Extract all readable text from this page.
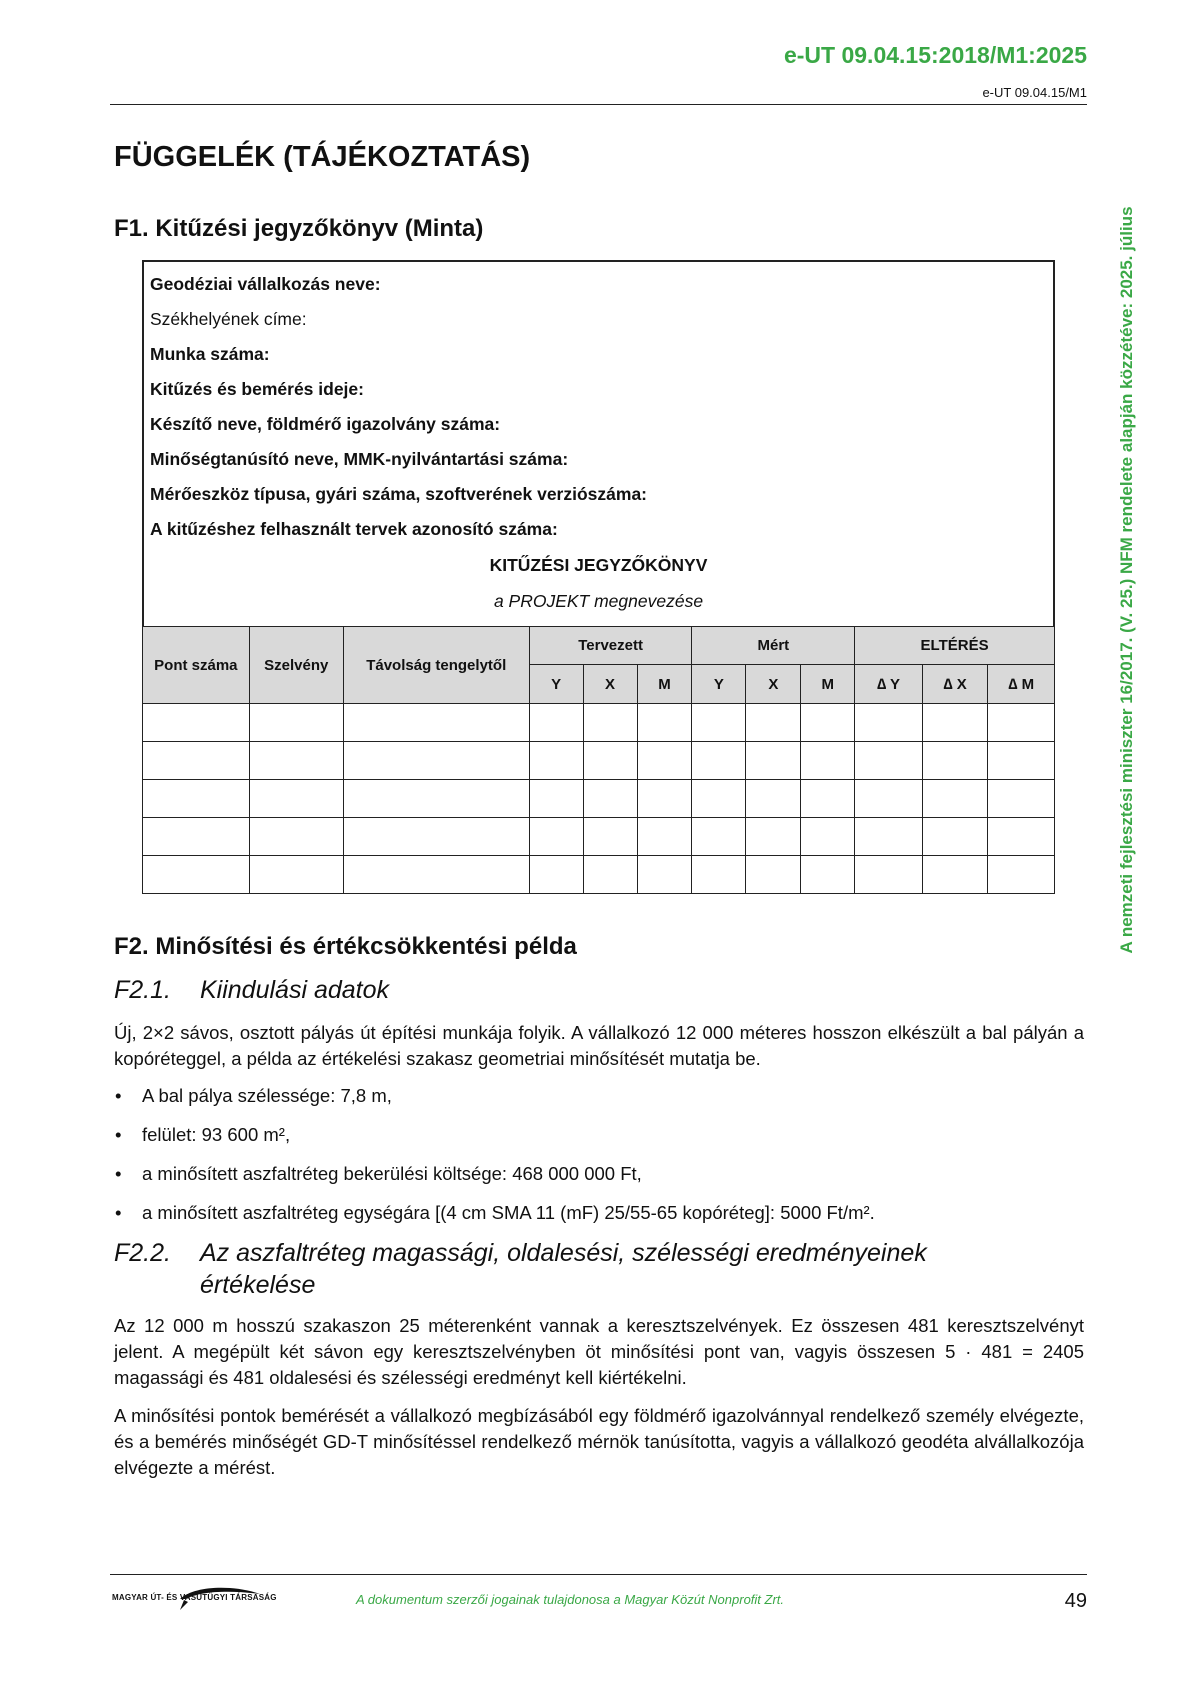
e-UT 09.04.15:2018/M1:2025
e-UT 09.04.15/M1
A nemzeti fejlesztési miniszter 16/2017. (V. 25.) NFM rendelete alapján közzétéve: 2025. július
FÜGGELÉK (TÁJÉKOZTATÁS)
F1. Kitűzési jegyzőkönyv (Minta)
Geodéziai vállalkozás neve:
Székhelyének címe:
Munka száma:
Kitűzés és bemérés ideje:
Készítő neve, földmérő igazolvány száma:
Minőségtanúsító neve, MMK-nyilvántartási száma:
Mérőeszköz típusa, gyári száma, szoftverének verziószáma:
A kitűzéshez felhasznált tervek azonosító száma:
KITŰZÉSI JEGYZŐKÖNYV
a PROJEKT megnevezése
Pont száma	Szelvény	Távolság tengelytől	Tervezett			Mért			ELTÉRÉS		
			Y	X	M	Y	X	M	∆ Y	∆ X	∆ M

F2. Minősítési és értékcsökkentési példa
F2.1. Kiindulási adatok
Új, 2×2 sávos, osztott pályás út építési munkája folyik. A vállalkozó 12 000 méteres hosszon elkészült a bal pályán a kopóréteggel, a példa az értékelési szakasz geometriai minősítését mutatja be.
• A bal pálya szélessége: 7,8 m,
• felület: 93 600 m²,
• a minősített aszfaltréteg bekerülési költsége: 468 000 000 Ft,
• a minősített aszfaltréteg egységára [(4 cm SMA 11 (mF) 25/55-65 kopóréteg]: 5000 Ft/m².
F2.2. Az aszfaltréteg magassági, oldalesési, szélességi eredményeinek
értékelése
Az 12 000 m hosszú szakaszon 25 méterenként vannak a keresztszelvények. Ez összesen 481 keresztszelvényt jelent. A megépült két sávon egy keresztszelvényben öt minősítési pont van, vagyis összesen 5 · 481 = 2405 magassági és 481 oldalesési és szélességi eredményt kell kiértékelni.
A minősítési pontok bemérését a vállalkozó megbízásából egy földmérő igazolvánnyal rendelkező személy elvégezte, és a bemérés minőségét GD-T minősítéssel rendelkező mérnök tanúsította, vagyis a vállalkozó geodéta alvállalkozója elvégezte a mérést.
MAGYAR ÚT- ÉS VASÚTÜGYI TÁRSASÁG	A dokumentum szerzői jogainak tulajdonosa a Magyar Közút Nonprofit Zrt.	49
